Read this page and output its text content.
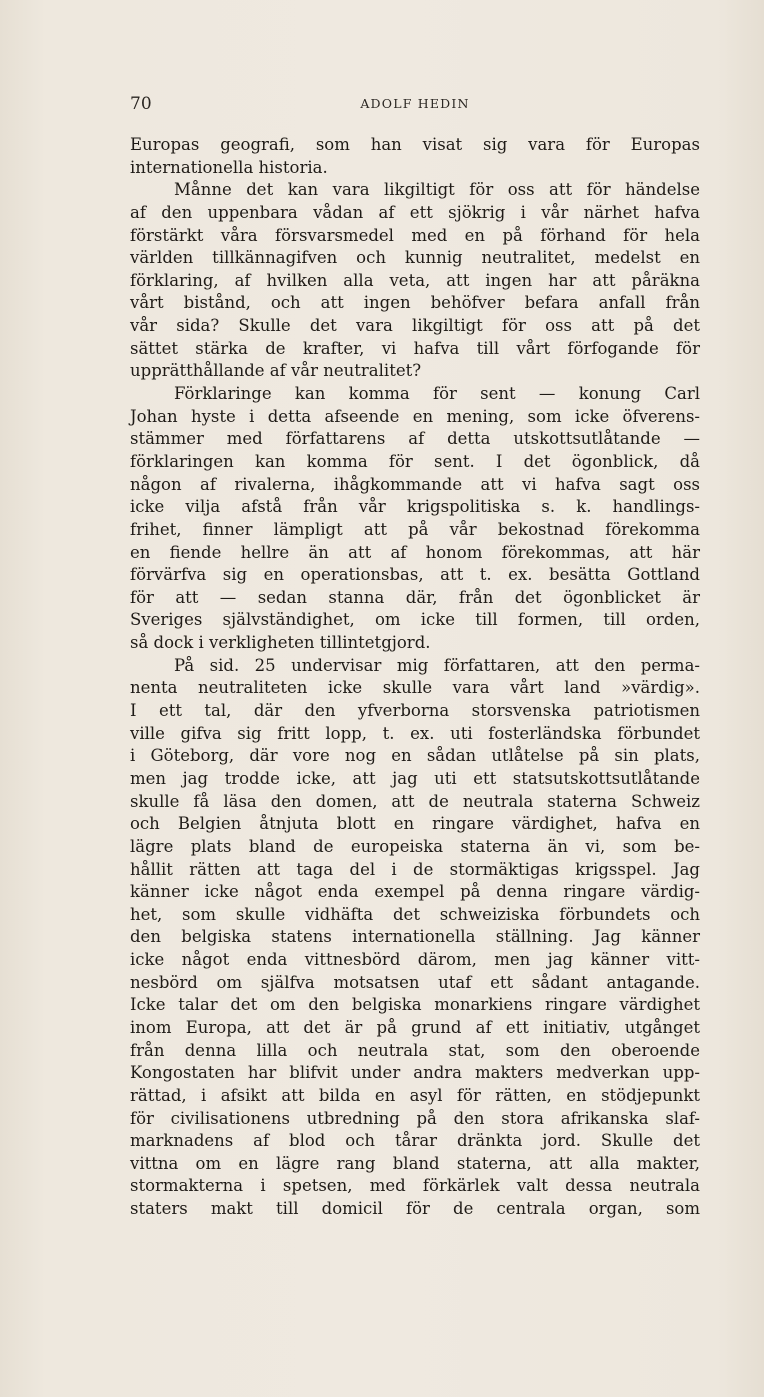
70	ADOLF HEDIN
Europas geografi, som han visat sig vara för Europas
internationella historia.
Månne det kan vara likgiltigt för oss att för händelse
af den uppenbara vådan af ett sjökrig i vår närhet hafva
förstärkt våra försvarsmedel med en på förhand för hela
världen tillkännagifven och kunnig neutralitet, medelst en
förklaring, af hvilken alla veta, att ingen har att påräkna
vårt bistånd, och att ingen behöfver befara anfall från
vår sida? Skulle det vara likgiltigt för oss att på det
sättet stärka de krafter, vi hafva till vårt förfogande för
upprätthållande af vår neutralitet?
Förklaringe kan komma för sent — konung Carl
Johan hyste i detta afseende en mening, som icke öfverens-
stämmer med författarens af detta utskottsutlåtande —
förklaringen kan komma för sent. I det ögonblick, då
någon af rivalerna, ihågkommande att vi hafva sagt oss
icke vilja afstå från vår krigspolitiska s. k. handlings-
frihet, finner lämpligt att på vår bekostnad förekomma
en fiende hellre än att af honom förekommas, att här
förvärfva sig en operationsbas, att t. ex. besätta Gottland
för att — sedan stanna där, från det ögonblicket är
Sveriges självständighet, om icke till formen, till orden,
så dock i verkligheten tillintetgjord.
På sid. 25 undervisar mig författaren, att den perma-
nenta neutraliteten icke skulle vara vårt land »värdig».
I ett tal, där den yfverborna storsvenska patriotismen
ville gifva sig fritt lopp, t. ex. uti fosterländska förbundet
i Göteborg, där vore nog en sådan utlåtelse på sin plats,
men jag trodde icke, att jag uti ett statsutskottsutlåtande
skulle få läsa den domen, att de neutrala staterna Schweiz
och Belgien åtnjuta blott en ringare värdighet, hafva en
lägre plats bland de europeiska staterna än vi, som be-
hållit rätten att taga del i de stormäktigas krigsspel. Jag
känner icke något enda exempel på denna ringare värdig-
het, som skulle vidhäfta det schweiziska förbundets och
den belgiska statens internationella ställning. Jag känner
icke något enda vittnesbörd därom, men jag känner vitt-
nesbörd om själfva motsatsen utaf ett sådant antagande.
Icke talar det om den belgiska monarkiens ringare värdighet
inom Europa, att det är på grund af ett initiativ, utgånget
från denna lilla och neutrala stat, som den oberoende
Kongostaten har blifvit under andra makters medverkan upp-
rättad, i afsikt att bilda en asyl för rätten, en stödjepunkt
för civilisationens utbredning på den stora afrikanska slaf-
marknadens af blod och tårar dränkta jord. Skulle det
vittna om en lägre rang bland staterna, att alla makter,
stormakterna i spetsen, med förkärlek valt dessa neutrala
staters makt till domicil för de centrala organ, som
